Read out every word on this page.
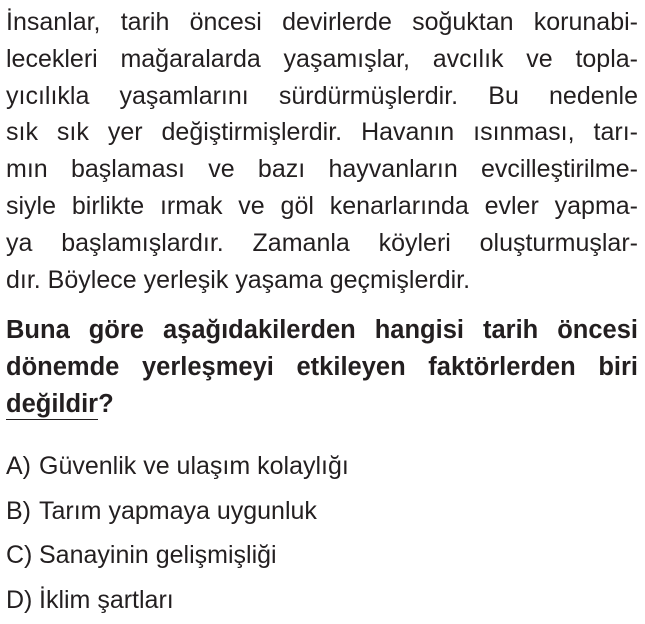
İnsanlar, tarih öncesi devirlerde soğuktan korunabi-
lecekleri mağaralarda yaşamışlar, avcılık ve topla-
yıcılıkla yaşamlarını sürdürmüşlerdir. Bu nedenle
sık sık yer değiştirmişlerdir. Havanın ısınması, tarı-
mın başlaması ve bazı hayvanların evcilleştirilme-
siyle birlikte ırmak ve göl kenarlarında evler yapma-
ya başlamışlardır. Zamanla köyleri oluşturmuşlar-
dır. Böylece yerleşik yaşama geçmişlerdir.
Buna göre aşağıdakilerden hangisi tarih öncesi
dönemde yerleşmeyi etkileyen faktörlerden biri
değildir?
A) Güvenlik ve ulaşım kolaylığı
B) Tarım yapmaya uygunluk
C) Sanayinin gelişmişliği
D) İklim şartları
